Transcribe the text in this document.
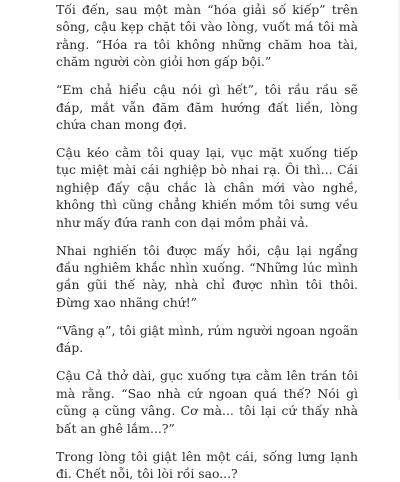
Tối đến, sau một màn “hóa giải số kiếp” trên sông, cậu kẹp chặt tôi vào lòng, vuốt má tôi mà rằng. “Hóa ra tôi không những chăm hoa tài, chăm người còn giỏi hơn gấp bội.”

“Em chả hiểu cậu nói gì hết”, tôi rầu rầu sẽ đáp, mắt vẫn đăm đăm hướng đất liền, lòng chứa chan mong đợi.

Cậu kéo cằm tôi quay lại, vục mặt xuống tiếp tục miệt mài cái nghiệp bò nhai rạ. Ôi thì... Cái nghiệp đấy cậu chắc là chân mới vào nghề, không thì cũng chẳng khiến mồm tôi sưng vều như mấy đứa ranh con dại mồm phải vả.

Nhai nghiến tôi được mấy hồi, cậu lại ngẩng đầu nghiêm khắc nhìn xuống. “Những lúc mình gần gũi thế này, nhà chỉ được nhìn tôi thôi. Đừng xao nhãng chứ!”

“Vâng ạ”, tôi giật mình, rúm người ngoan ngoãn đáp.

Cậu Cả thở dài, gục xuống tựa cằm lên trán tôi mà rằng. “Sao nhà cứ ngoan quá thế? Nói gì cũng ạ cũng vâng. Cơ mà... tôi lại cứ thấy nhà bất an ghê lắm...?”

Trong lòng tôi giật lên một cái, sống lưng lạnh đi. Chết nỗi, tôi lòi rồi sao...?
